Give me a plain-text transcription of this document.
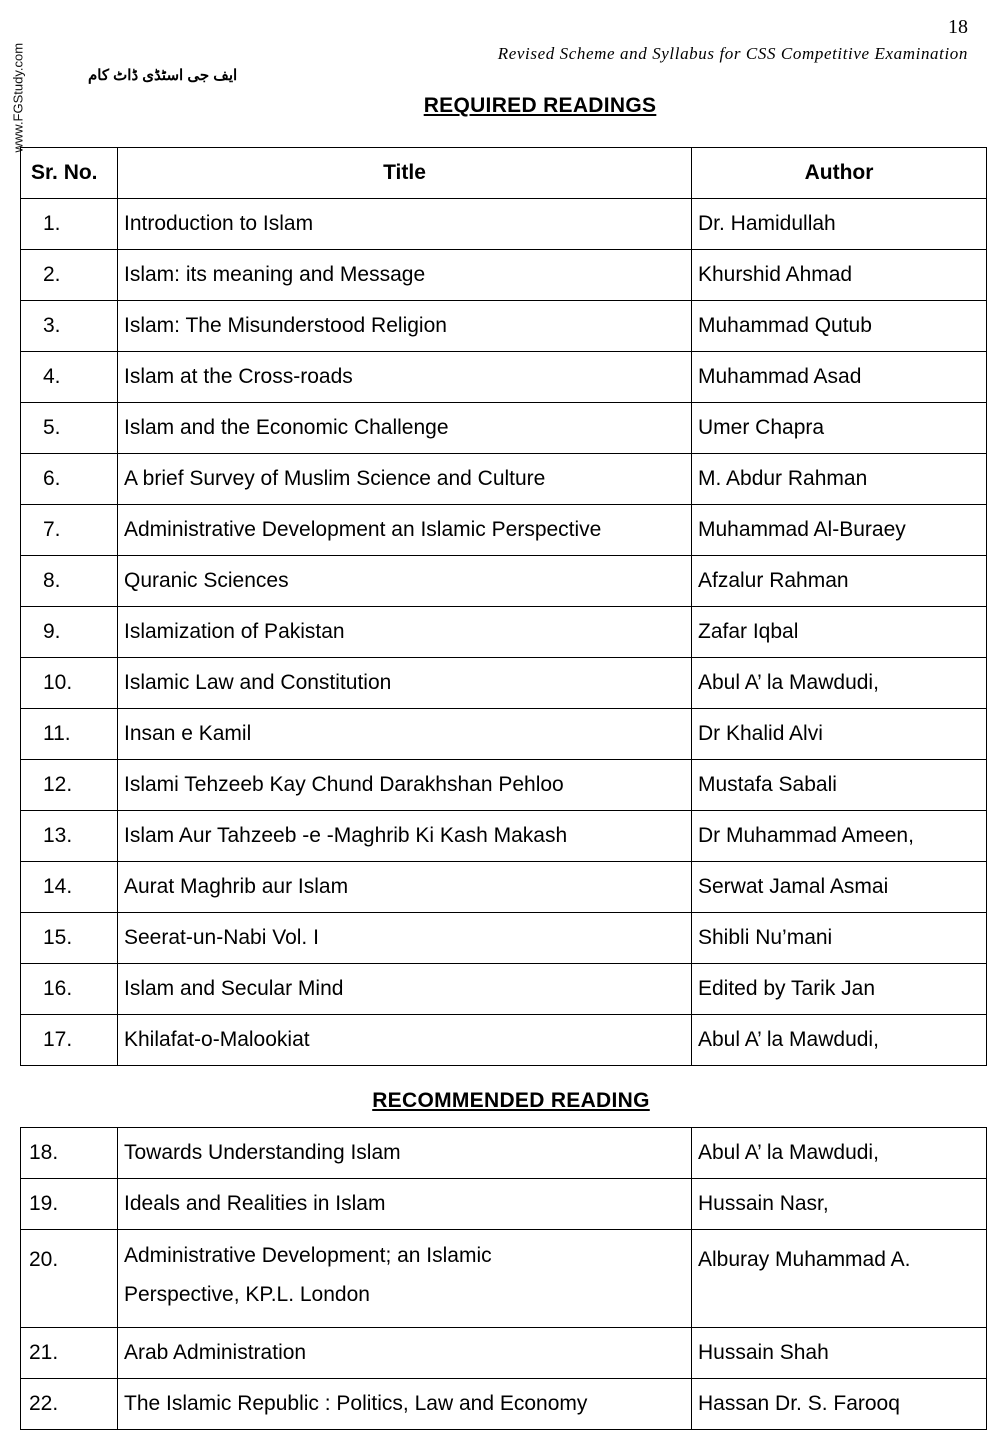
18
Revised Scheme and Syllabus for CSS Competitive Examination
www.FGStudy.com	ایف جی اسٹڈی ڈاٹ کام
REQUIRED READINGS
Sr. No.	Title	Author
1.	Introduction to Islam	Dr. Hamidullah
2.	Islam: its meaning and Message	Khurshid Ahmad
3.	Islam: The Misunderstood Religion	Muhammad Qutub
4.	Islam at the Cross-roads	Muhammad Asad
5.	Islam and the Economic Challenge	Umer Chapra
6.	A brief Survey of Muslim Science and Culture	M. Abdur Rahman
7.	Administrative Development an Islamic Perspective	Muhammad Al-Buraey
8.	Quranic Sciences	Afzalur Rahman
9.	Islamization of Pakistan	Zafar Iqbal
10.	Islamic Law and Constitution	Abul A’ la Mawdudi,
11.	Insan e Kamil	Dr Khalid Alvi
12.	Islami Tehzeeb Kay Chund Darakhshan Pehloo	Mustafa Sabali
13.	Islam Aur Tahzeeb -e -Maghrib Ki Kash Makash	Dr Muhammad Ameen,
14.	Aurat Maghrib aur Islam	Serwat Jamal Asmai
15.	Seerat-un-Nabi Vol. I	Shibli Nu’mani
16.	Islam and Secular Mind	Edited by Tarik Jan
17.	Khilafat-o-Malookiat	Abul A’ la Mawdudi,
RECOMMENDED READING
18.	Towards Understanding Islam	Abul A’ la Mawdudi,
19.	Ideals and Realities in Islam	Hussain Nasr,
20.	Administrative Development; an Islamic
Perspective, KP.L. London	Alburay Muhammad A.
21.	Arab Administration	Hussain Shah
22.	The Islamic Republic : Politics, Law and Economy	Hassan Dr. S. Farooq
